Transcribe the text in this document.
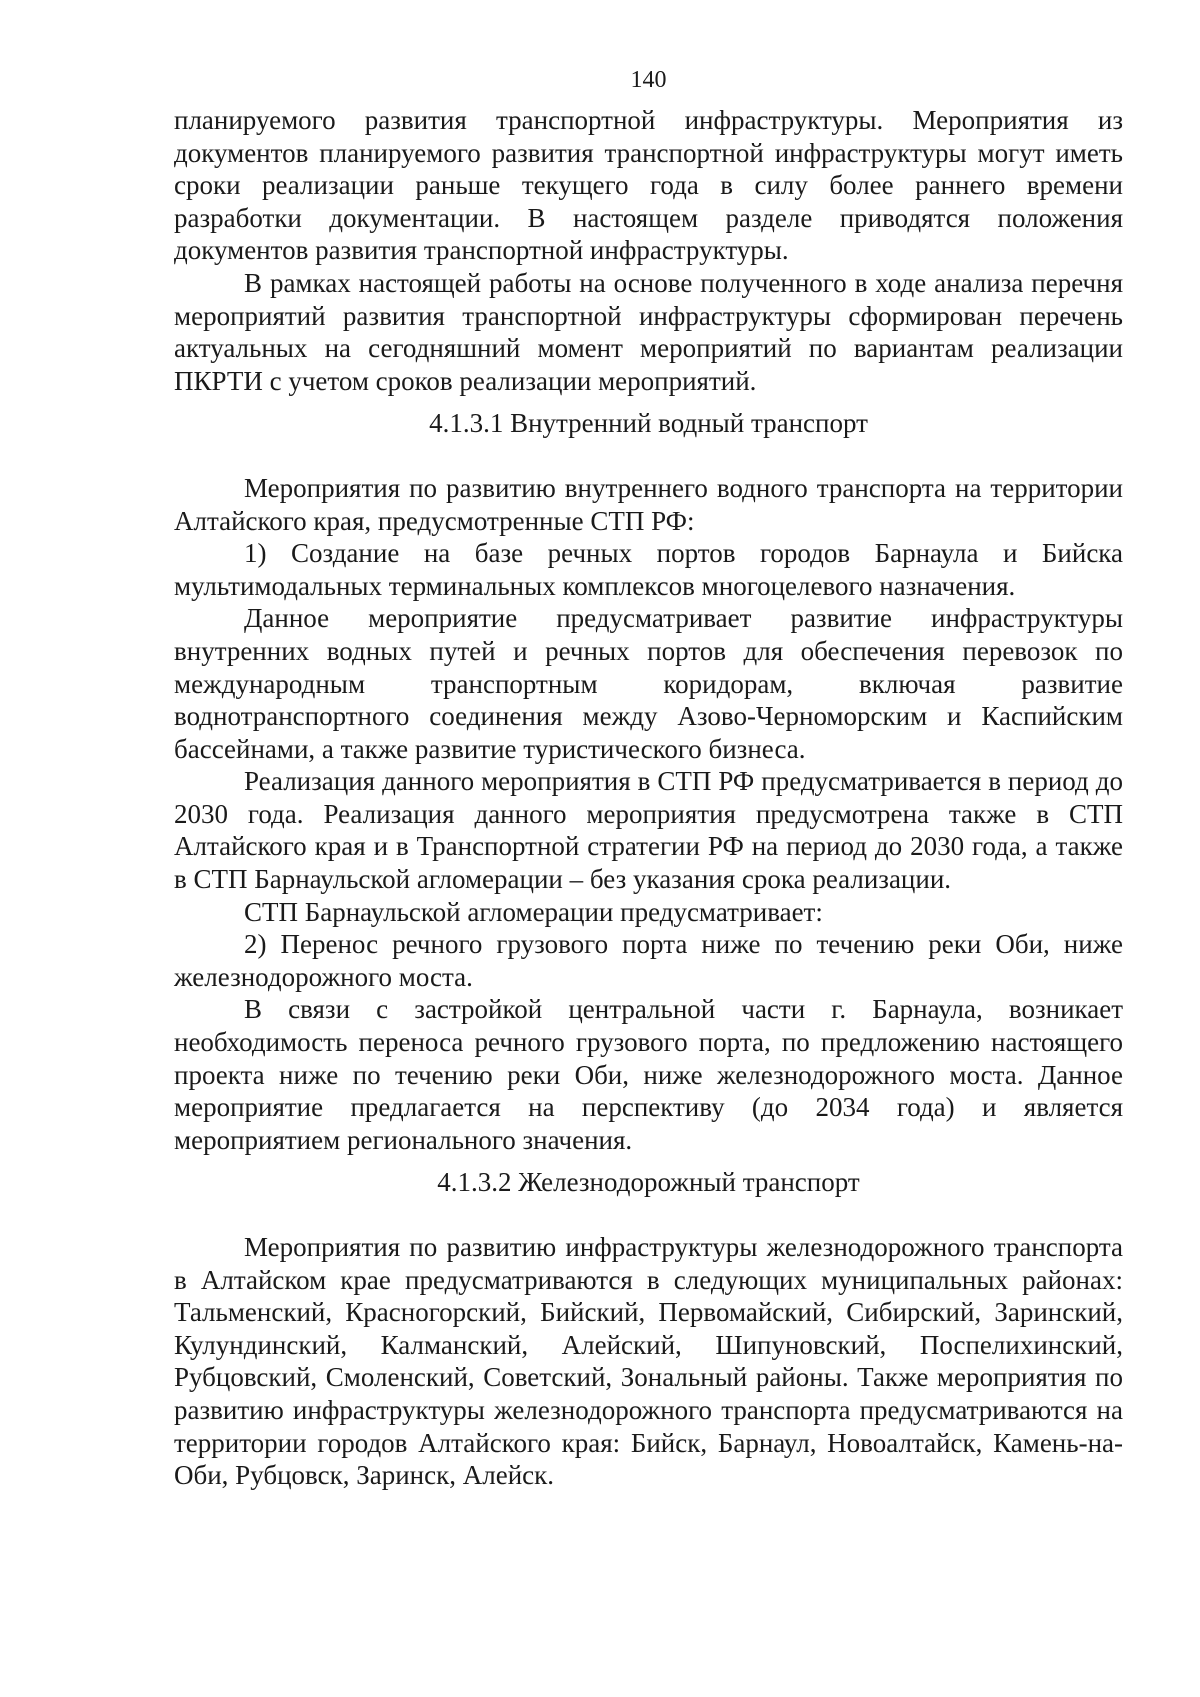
140

планируемого развития транспортной инфраструктуры. Мероприятия из документов планируемого развития транспортной инфраструктуры могут иметь сроки реализации раньше текущего года в силу более раннего времени разработки документации. В настоящем разделе приводятся положения документов развития транспортной инфраструктуры.

В рамках настоящей работы на основе полученного в ходе анализа перечня мероприятий развития транспортной инфраструктуры сформирован перечень актуальных на сегодняшний момент мероприятий по вариантам реализации ПКРТИ с учетом сроков реализации мероприятий.

4.1.3.1 Внутренний водный транспорт

Мероприятия по развитию внутреннего водного транспорта на территории Алтайского края, предусмотренные СТП РФ:

1) Создание на базе речных портов городов Барнаула и Бийска мультимодальных терминальных комплексов многоцелевого назначения.

Данное мероприятие предусматривает развитие инфраструктуры внутренних водных путей и речных портов для обеспечения перевозок по международным транспортным коридорам, включая развитие воднотранспортного соединения между Азово-Черноморским и Каспийским бассейнами, а также развитие туристического бизнеса.

Реализация данного мероприятия в СТП РФ предусматривается в период до 2030 года. Реализация данного мероприятия предусмотрена также в СТП Алтайского края и в Транспортной стратегии РФ на период до 2030 года, а также в СТП Барнаульской агломерации – без указания срока реализации.

СТП Барнаульской агломерации предусматривает:

2) Перенос речного грузового порта ниже по течению реки Оби, ниже железнодорожного моста.

В связи с застройкой центральной части г. Барнаула, возникает необходимость переноса речного грузового порта, по предложению настоящего проекта ниже по течению реки Оби, ниже железнодорожного моста. Данное мероприятие предлагается на перспективу (до 2034 года) и является мероприятием регионального значения.

4.1.3.2 Железнодорожный транспорт

Мероприятия по развитию инфраструктуры железнодорожного транспорта в Алтайском крае предусматриваются в следующих муниципальных районах: Тальменский, Красногорский, Бийский, Первомайский, Сибирский, Заринский, Кулундинский, Калманский, Алейский, Шипуновский, Поспелихинский, Рубцовский, Смоленский, Советский, Зональный районы. Также мероприятия по развитию инфраструктуры железнодорожного транспорта предусматриваются на территории городов Алтайского края: Бийск, Барнаул, Новоалтайск, Камень-на-Оби, Рубцовск, Заринск, Алейск.
